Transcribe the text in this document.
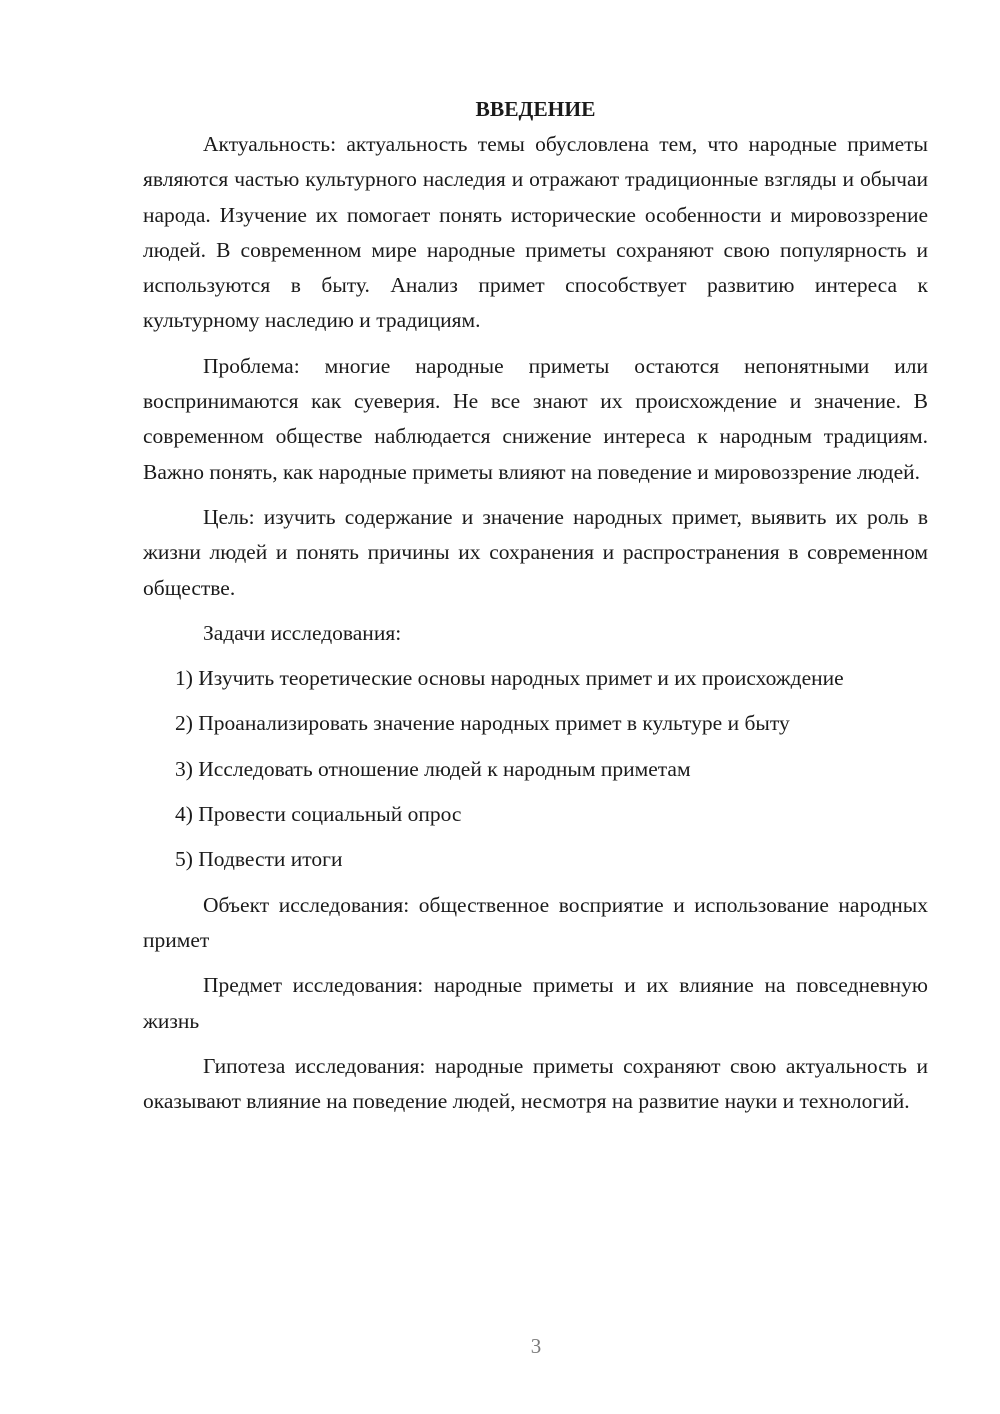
ВВЕДЕНИЕ

Актуальность: актуальность темы обусловлена тем, что народные приметы являются частью культурного наследия и отражают традиционные взгляды и обычаи народа. Изучение их помогает понять исторические особенности и мировоззрение людей. В современном мире народные приметы сохраняют свою популярность и используются в быту. Анализ примет способствует развитию интереса к культурному наследию и традициям.

Проблема: многие народные приметы остаются непонятными или воспринимаются как суеверия. Не все знают их происхождение и значение. В современном обществе наблюдается снижение интереса к народным традициям. Важно понять, как народные приметы влияют на поведение и мировоззрение людей.

Цель: изучить содержание и значение народных примет, выявить их роль в жизни людей и понять причины их сохранения и распространения в современном обществе.

Задачи исследования:

1) Изучить теоретические основы народных примет и их происхождение

2) Проанализировать значение народных примет в культуре и быту

3) Исследовать отношение людей к народным приметам

4) Провести социальный опрос

5) Подвести итоги

Объект исследования: общественное восприятие и использование народных примет

Предмет исследования: народные приметы и их влияние на повседневную жизнь

Гипотеза исследования: народные приметы сохраняют свою актуальность и оказывают влияние на поведение людей, несмотря на развитие науки и технологий.

3
